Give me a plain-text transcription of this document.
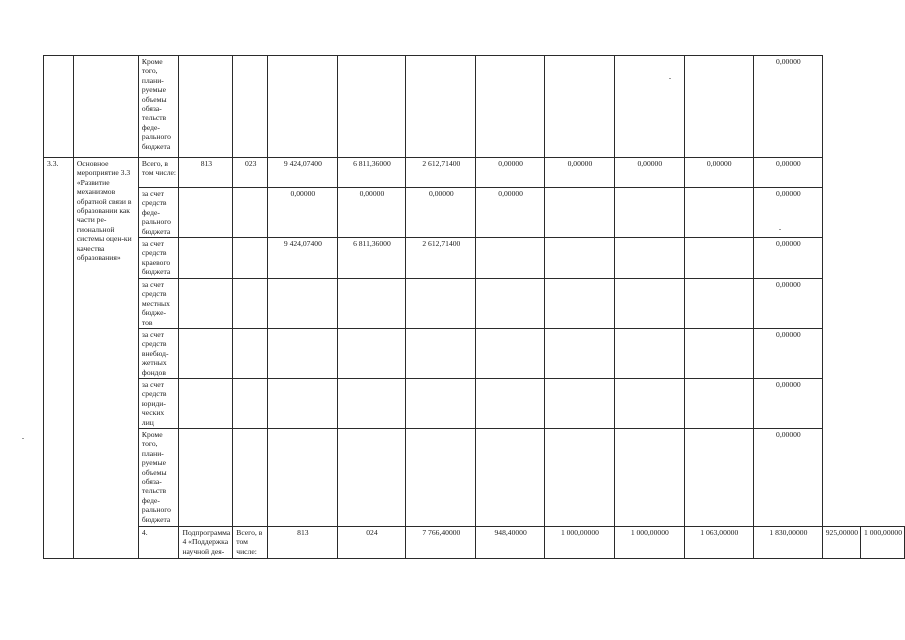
		Кроме того, плани-руемые объемы обяза-тельств феде-рального бюджета										0,00000		
3.3.	Основное мероприятие 3.3 «Развитие механизмов обратной связи в образовании как части ре-гиональной системы оцен-ки качества образования»	Всего, в том числе:	813	023	9 424,07400	6 811,36000	2 612,71400	0,00000	0,00000	0,00000	0,00000	0,00000		
		за счет средств феде-рального бюджета			0,00000	0,00000	0,00000	0,00000				0,00000		
		за счет средств краевого бюджета			9 424,07400	6 811,36000	2 612,71400					0,00000		
		за счет средств местных бюдже-тов										0,00000		
		за счет средств внебюд-жетных фондов										0,00000		
		за счет средств юриди-ческих лиц										0,00000		
		Кроме того, плани-руемые объемы обяза-тельств феде-рального бюджета										0,00000		
		4.	Подпрограмма 4 «Поддержка научной дея-	Всего, в том числе:	813	024	7 766,40000	948,40000	1 000,00000	1 000,00000	1 063,00000	1 830,00000	925,00000	1 000,00000
